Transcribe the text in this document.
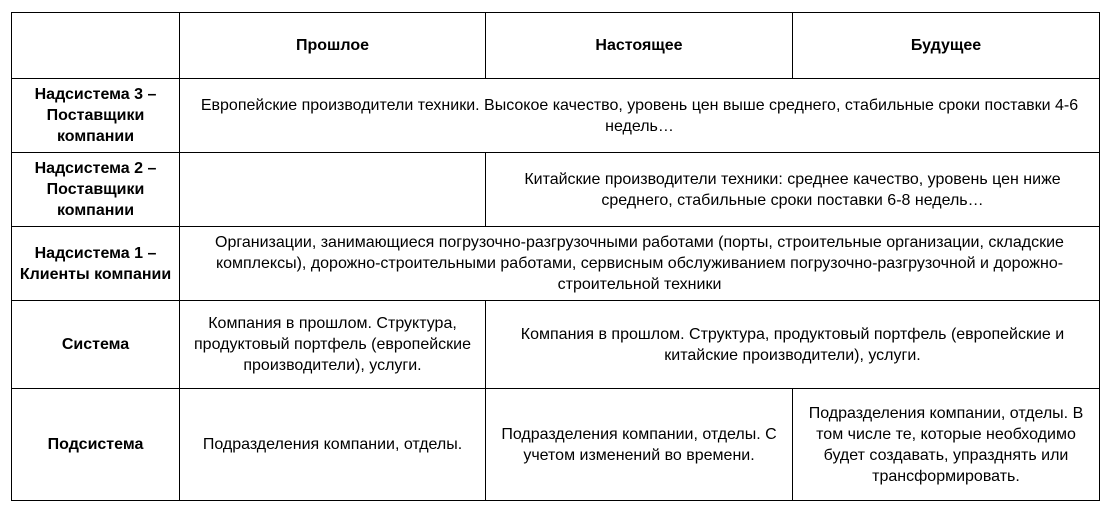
	Прошлое	Настоящее	Будущее
Надсистема 3 – Поставщики компании	Европейские производители техники. Высокое качество, уровень цен выше среднего, стабильные сроки поставки 4-6 недель…		
Надсистема 2 – Поставщики компании		Китайские производители техники: среднее качество, уровень цен ниже среднего, стабильные сроки поставки 6-8 недель…	
Надсистема 1 – Клиенты компании	Организации, занимающиеся погрузочно-разгрузочными работами (порты, строительные организации, складские комплексы), дорожно-строительными работами, сервисным обслуживанием погрузочно-разгрузочной и дорожно-строительной техники		
Система	Компания в прошлом. Структура, продуктовый портфель (европейские производители), услуги.	Компания в прошлом. Структура, продуктовый портфель (европейские и китайские производители), услуги.	
Подсистема	Подразделения компании, отделы.	Подразделения компании, отделы. С учетом изменений во времени.	Подразделения компании, отделы. В том числе те, которые необходимо будет создавать, упразднять или трансформировать.
